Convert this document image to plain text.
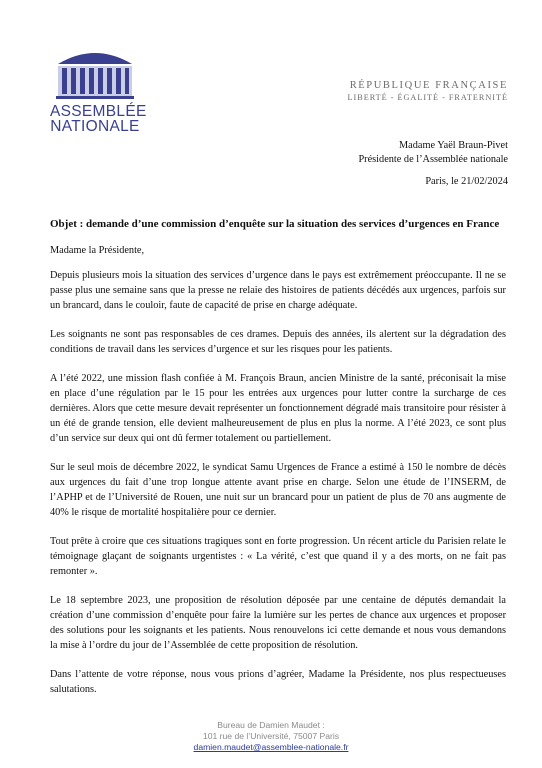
ASSEMBLÉE
NATIONALE
RÉPUBLIQUE FRANÇAISE
LIBERTÉ - ÉGALITÉ - FRATERNITÉ
Madame Yaël Braun-Pivet
Présidente de l’Assemblée nationale
Paris, le 21/02/2024
Objet : demande d’une commission d’enquête sur la situation des services d’urgences en France
Madame la Présidente,

Depuis plusieurs mois la situation des services d’urgence dans le pays est extrêmement préoccupante. Il ne se passe plus une semaine sans que la presse ne relaie des histoires de patients décédés aux urgences, parfois sur un brancard, dans le couloir, faute de capacité de prise en charge adéquate.

Les soignants ne sont pas responsables de ces drames. Depuis des années, ils alertent sur la dégradation des conditions de travail dans les services d’urgence et sur les risques pour les patients.

A l’été 2022, une mission flash confiée à M. François Braun, ancien Ministre de la santé, préconisait la mise en place d’une régulation par le 15 pour les entrées aux urgences pour lutter contre la surcharge de ces dernières. Alors que cette mesure devait représenter un fonctionnement dégradé mais transitoire pour résister à un été de grande tension, elle devient malheureusement de plus en plus la norme. A l’été 2023, ce sont plus d’un service sur deux qui ont dû fermer totalement ou partiellement.

Sur le seul mois de décembre 2022, le syndicat Samu Urgences de France a estimé à 150 le nombre de décès aux urgences du fait d’une trop longue attente avant prise en charge. Selon une étude de l’INSERM, de l’APHP et de l’Université de Rouen, une nuit sur un brancard pour un patient de plus de 70 ans augmente de 40% le risque de mortalité hospitalière pour ce dernier.

Tout prête à croire que ces situations tragiques sont en forte progression. Un récent article du Parisien relate le témoignage glaçant de soignants urgentistes : « La vérité, c’est que quand il y a des morts, on ne fait pas remonter ».

Le 18 septembre 2023, une proposition de résolution déposée par une centaine de députés demandait la création d’une commission d’enquête pour faire la lumière sur les pertes de chance aux urgences et proposer des solutions pour les soignants et les patients. Nous renouvelons ici cette demande et nous vous demandons la mise à l’ordre du jour de l’Assemblée de cette proposition de résolution.

Dans l’attente de votre réponse, nous vous prions d’agréer, Madame la Présidente, nos plus respectueuses salutations.

Bureau de Damien Maudet :
101 rue de l’Université, 75007 Paris
damien.maudet@assemblee-nationale.fr
